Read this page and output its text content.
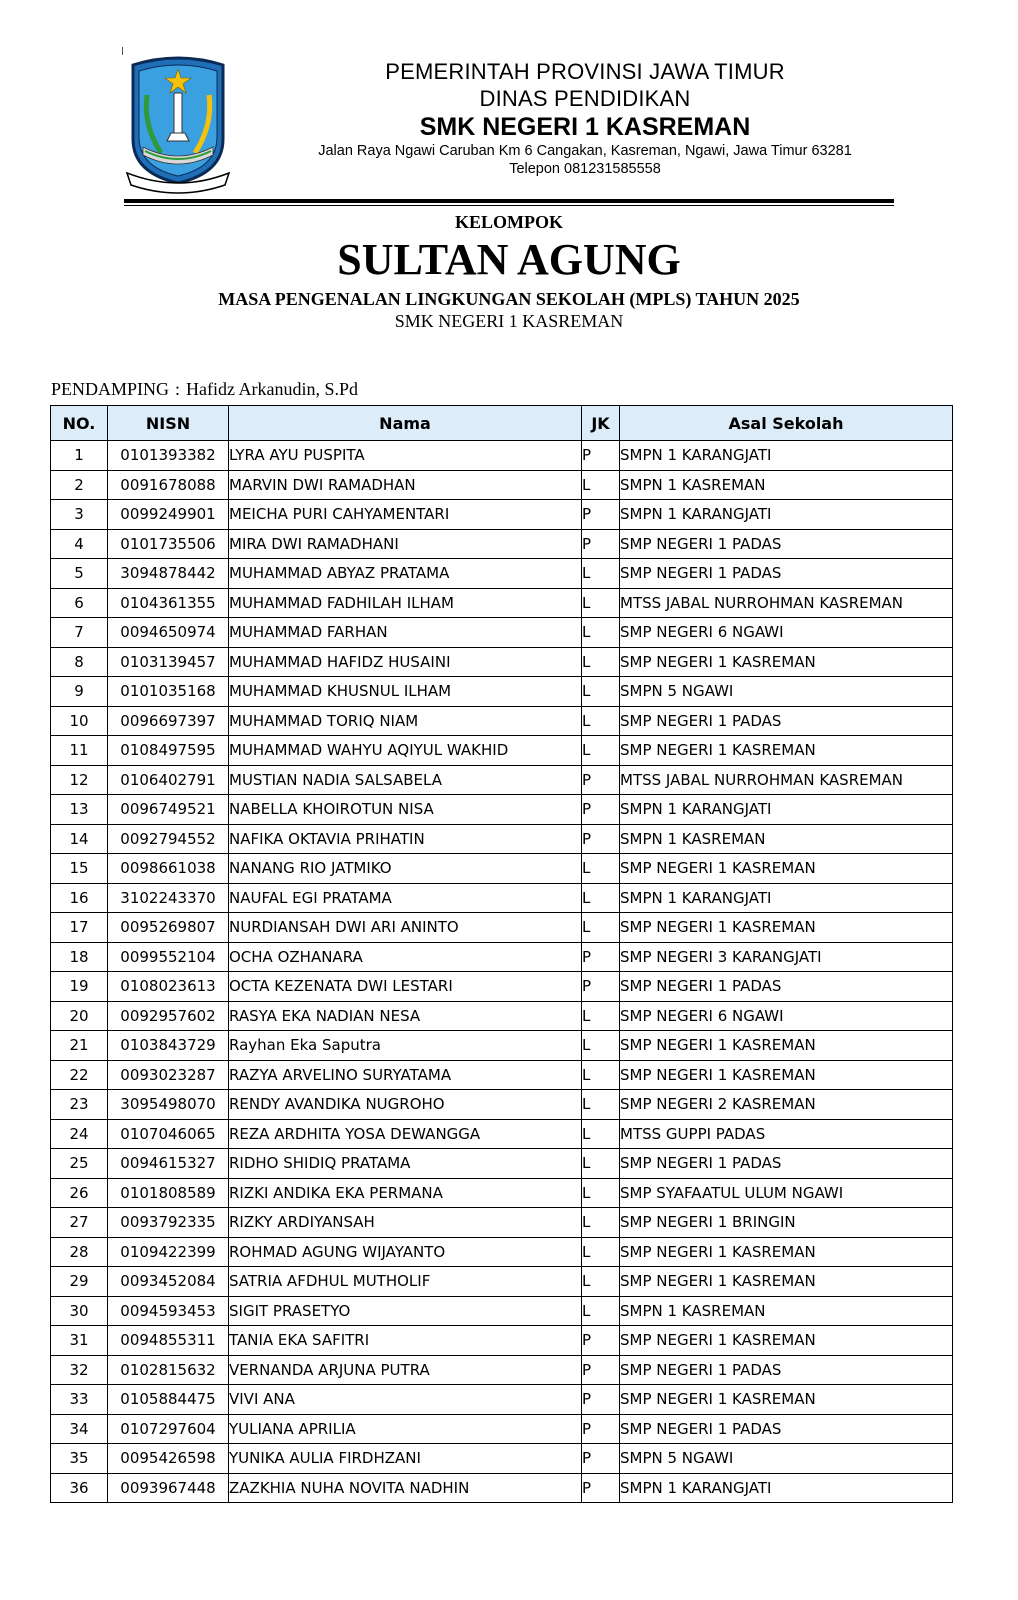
PEMERINTAH PROVINSI JAWA TIMUR
DINAS PENDIDIKAN
SMK NEGERI 1 KASREMAN
Jalan Raya Ngawi Caruban Km 6 Cangakan, Kasreman, Ngawi, Jawa Timur 63281
Telepon 081231585558
KELOMPOK
SULTAN AGUNG
MASA PENGENALAN LINGKUNGAN SEKOLAH (MPLS) TAHUN 2025
SMK NEGERI 1 KASREMAN
PENDAMPING : Hafidz Arkanudin, S.Pd
NO.	NISN	Nama	JK	Asal Sekolah
1	0101393382	LYRA AYU PUSPITA	P	SMPN 1 KARANGJATI
2	0091678088	MARVIN DWI RAMADHAN	L	SMPN 1 KASREMAN
3	0099249901	MEICHA PURI CAHYAMENTARI	P	SMPN 1 KARANGJATI
4	0101735506	MIRA DWI RAMADHANI	P	SMP NEGERI 1 PADAS
5	3094878442	MUHAMMAD ABYAZ PRATAMA	L	SMP NEGERI 1 PADAS
6	0104361355	MUHAMMAD FADHILAH ILHAM	L	MTSS JABAL NURROHMAN KASREMAN
7	0094650974	MUHAMMAD FARHAN	L	SMP NEGERI 6 NGAWI
8	0103139457	MUHAMMAD HAFIDZ HUSAINI	L	SMP NEGERI 1 KASREMAN
9	0101035168	MUHAMMAD KHUSNUL ILHAM	L	SMPN 5 NGAWI
10	0096697397	MUHAMMAD TORIQ NIAM	L	SMP NEGERI 1 PADAS
11	0108497595	MUHAMMAD WAHYU AQIYUL WAKHID	L	SMP NEGERI 1 KASREMAN
12	0106402791	MUSTIAN NADIA SALSABELA	P	MTSS JABAL NURROHMAN KASREMAN
13	0096749521	NABELLA KHOIROTUN NISA	P	SMPN 1 KARANGJATI
14	0092794552	NAFIKA OKTAVIA PRIHATIN	P	SMPN 1 KASREMAN
15	0098661038	NANANG RIO JATMIKO	L	SMP NEGERI 1 KASREMAN
16	3102243370	NAUFAL EGI PRATAMA	L	SMPN 1 KARANGJATI
17	0095269807	NURDIANSAH DWI ARI ANINTO	L	SMP NEGERI 1 KASREMAN
18	0099552104	OCHA OZHANARA	P	SMP NEGERI 3 KARANGJATI
19	0108023613	OCTA KEZENATA DWI LESTARI	P	SMP NEGERI 1 PADAS
20	0092957602	RASYA EKA NADIAN NESA	L	SMP NEGERI 6 NGAWI
21	0103843729	Rayhan Eka Saputra	L	SMP NEGERI 1 KASREMAN
22	0093023287	RAZYA ARVELINO SURYATAMA	L	SMP NEGERI 1 KASREMAN
23	3095498070	RENDY AVANDIKA NUGROHO	L	SMP NEGERI 2 KASREMAN
24	0107046065	REZA ARDHITA YOSA DEWANGGA	L	MTSS GUPPI PADAS
25	0094615327	RIDHO SHIDIQ PRATAMA	L	SMP NEGERI 1 PADAS
26	0101808589	RIZKI ANDIKA EKA PERMANA	L	SMP SYAFAATUL ULUM NGAWI
27	0093792335	RIZKY ARDIYANSAH	L	SMP NEGERI 1 BRINGIN
28	0109422399	ROHMAD AGUNG WIJAYANTO	L	SMP NEGERI 1 KASREMAN
29	0093452084	SATRIA AFDHUL MUTHOLIF	L	SMP NEGERI 1 KASREMAN
30	0094593453	SIGIT PRASETYO	L	SMPN 1 KASREMAN
31	0094855311	TANIA EKA SAFITRI	P	SMP NEGERI 1 KASREMAN
32	0102815632	VERNANDA ARJUNA PUTRA	P	SMP NEGERI 1 PADAS
33	0105884475	VIVI ANA	P	SMP NEGERI 1 KASREMAN
34	0107297604	YULIANA APRILIA	P	SMP NEGERI 1 PADAS
35	0095426598	YUNIKA AULIA FIRDHZANI	P	SMPN 5 NGAWI
36	0093967448	ZAZKHIA NUHA NOVITA NADHIN	P	SMPN 1 KARANGJATI
